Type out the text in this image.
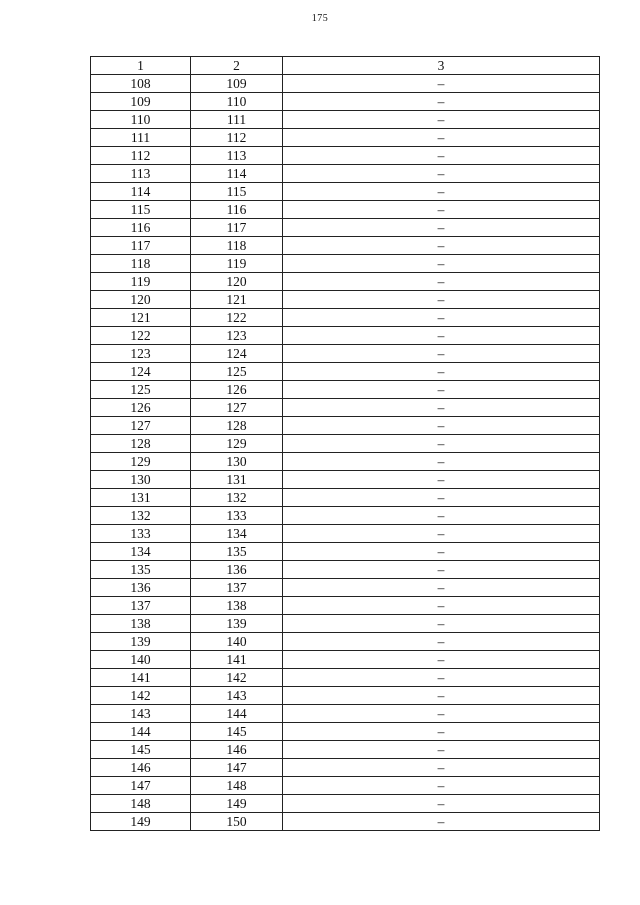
175
1	2	3
108	109	–
109	110	–
110	111	–
111	112	–
112	113	–
113	114	–
114	115	–
115	116	–
116	117	–
117	118	–
118	119	–
119	120	–
120	121	–
121	122	–
122	123	–
123	124	–
124	125	–
125	126	–
126	127	–
127	128	–
128	129	–
129	130	–
130	131	–
131	132	–
132	133	–
133	134	–
134	135	–
135	136	–
136	137	–
137	138	–
138	139	–
139	140	–
140	141	–
141	142	–
142	143	–
143	144	–
144	145	–
145	146	–
146	147	–
147	148	–
148	149	–
149	150	–
